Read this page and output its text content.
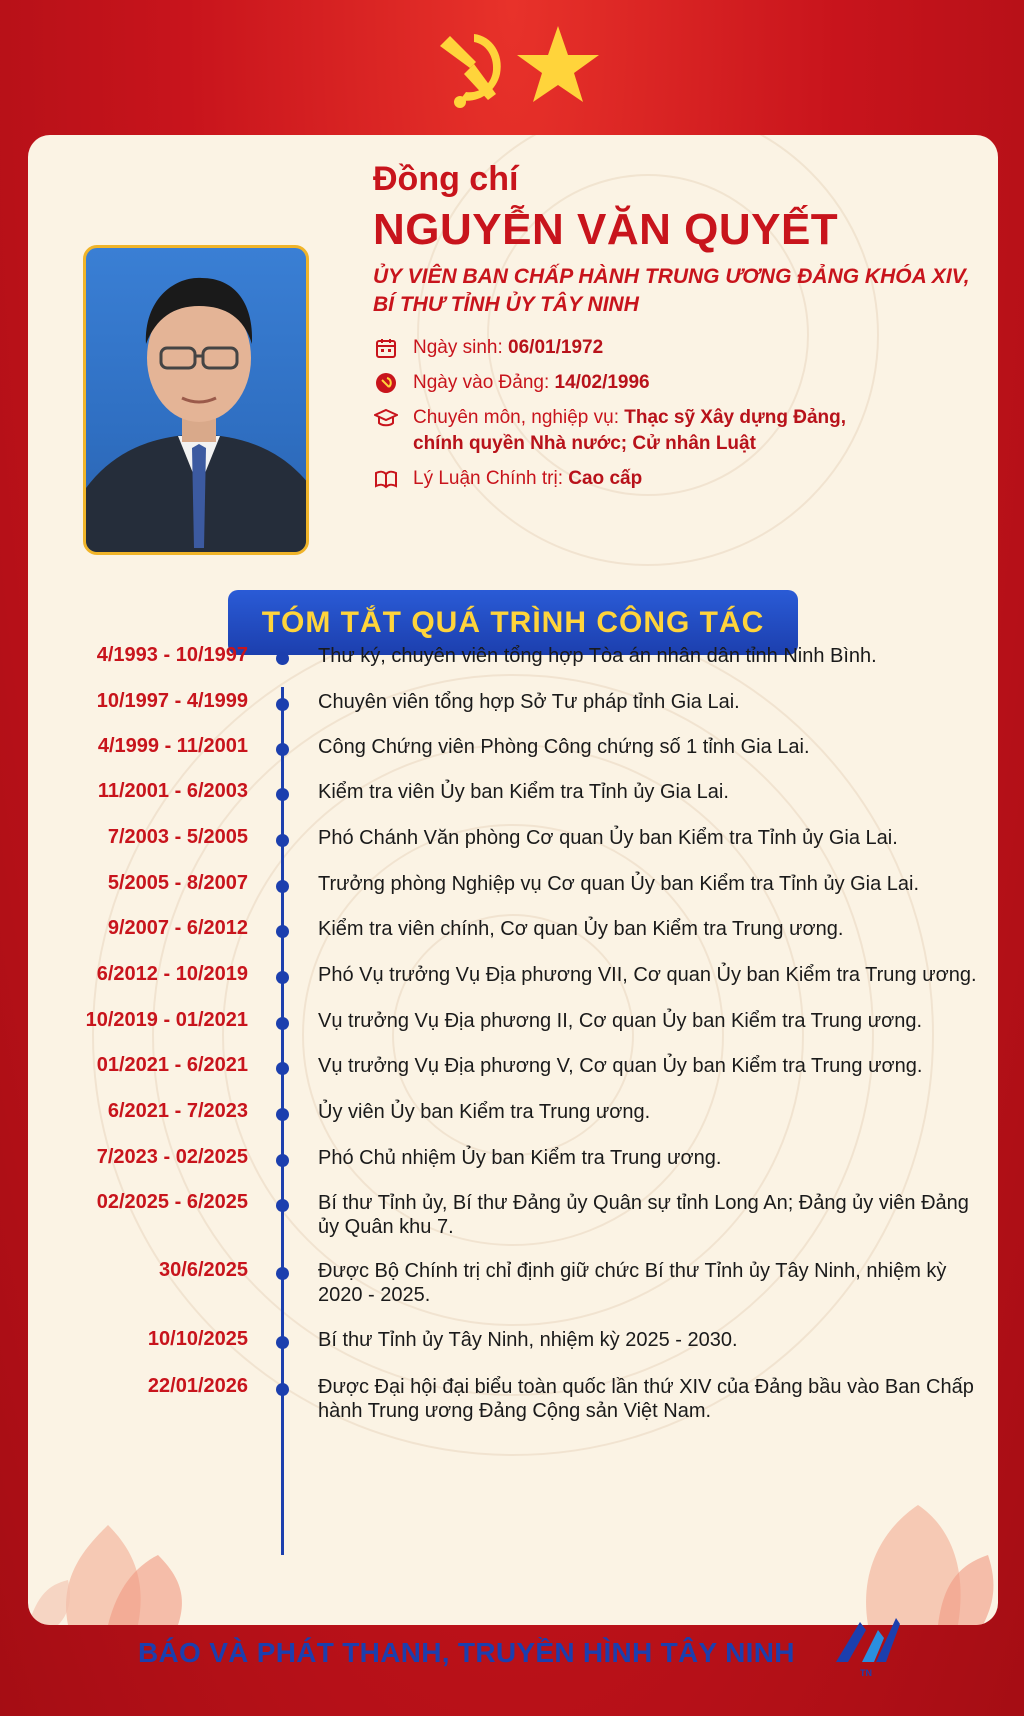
Đồng chí
NGUYỄN VĂN QUYẾT
ỦY VIÊN BAN CHẤP HÀNH TRUNG ƯƠNG ĐẢNG KHÓA XIV,
BÍ THƯ TỈNH ỦY TÂY NINH
Ngày sinh: 06/01/1972
Ngày vào Đảng: 14/02/1996
Chuyên môn, nghiệp vụ: Thạc sỹ Xây dựng Đảng,
chính quyền Nhà nước; Cử nhân Luật
Lý Luận Chính trị: Cao cấp
TÓM TẮT QUÁ TRÌNH CÔNG TÁC
4/1993 - 10/1997	Thư ký, chuyên viên tổng hợp Tòa án nhân dân tỉnh Ninh Bình.
10/1997 - 4/1999	Chuyên viên tổng hợp Sở Tư pháp tỉnh Gia Lai.
4/1999 - 11/2001	Công Chứng viên Phòng Công chứng số 1 tỉnh Gia Lai.
11/2001 - 6/2003	Kiểm tra viên Ủy ban Kiểm tra Tỉnh ủy Gia Lai.
7/2003 - 5/2005	Phó Chánh Văn phòng Cơ quan Ủy ban Kiểm tra Tỉnh ủy Gia Lai.
5/2005 - 8/2007	Trưởng phòng Nghiệp vụ Cơ quan Ủy ban Kiểm tra Tỉnh ủy Gia Lai.
9/2007 - 6/2012	Kiểm tra viên chính, Cơ quan Ủy ban Kiểm tra Trung ương.
6/2012 - 10/2019	Phó Vụ trưởng Vụ Địa phương VII, Cơ quan Ủy ban Kiểm tra Trung ương.
10/2019 - 01/2021	Vụ trưởng Vụ Địa phương II, Cơ quan Ủy ban Kiểm tra Trung ương.
01/2021 - 6/2021	Vụ trưởng Vụ Địa phương V, Cơ quan Ủy ban Kiểm tra Trung ương.
6/2021 - 7/2023	Ủy viên Ủy ban Kiểm tra Trung ương.
7/2023 - 02/2025	Phó Chủ nhiệm Ủy ban Kiểm tra Trung ương.
02/2025 - 6/2025	Bí thư Tỉnh ủy, Bí thư Đảng ủy Quân sự tỉnh Long An; Đảng ủy viên Đảng ủy Quân khu 7.
30/6/2025	Được Bộ Chính trị chỉ định giữ chức Bí thư Tỉnh ủy Tây Ninh, nhiệm kỳ 2020 - 2025.
10/10/2025	Bí thư Tỉnh ủy Tây Ninh, nhiệm kỳ 2025 - 2030.
22/01/2026	Được Đại hội đại biểu toàn quốc lần thứ XIV của Đảng bầu vào Ban Chấp hành Trung ương Đảng Cộng sản Việt Nam.
BÁO VÀ PHÁT THANH, TRUYỀN HÌNH TÂY NINH
TN
